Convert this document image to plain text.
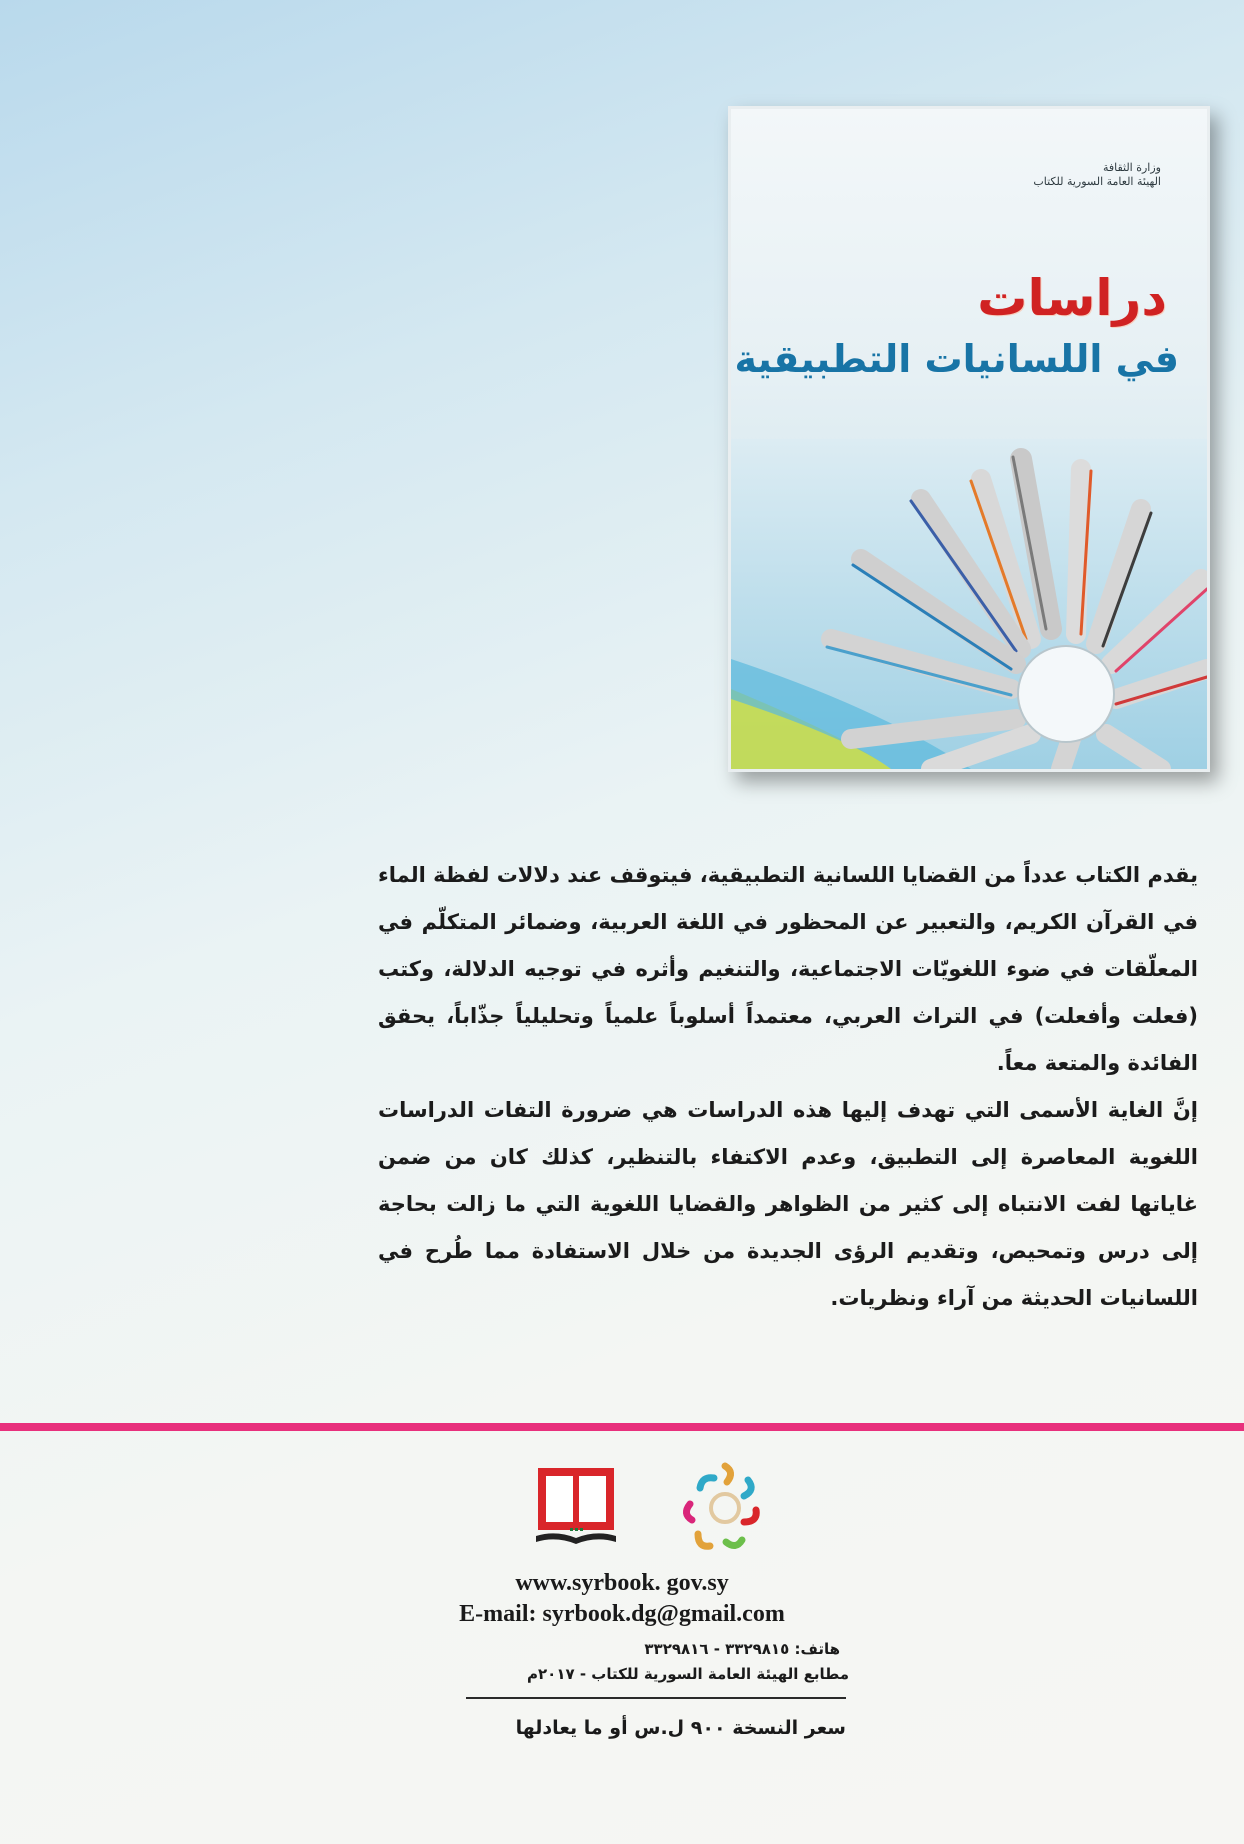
وزارة الثقافة
الهيئة العامة السورية للكتاب
دراسات
في اللسانيات التطبيقية

يقدم الكتاب عدداً من القضايا اللسانية التطبيقية، فيتوقف عند دلالات لفظة الماء في القرآن الكريم، والتعبير عن المحظور في اللغة العربية، وضمائر المتكلّم في المعلّقات في ضوء اللغويّات الاجتماعية، والتنغيم وأثره في توجيه الدلالة، وكتب (فعلت وأفعلت) في التراث العربي، معتمداً أسلوباً علمياً وتحليلياً جذّاباً، يحقق الفائدة والمتعة معاً.

إنَّ الغاية الأسمى التي تهدف إليها هذه الدراسات هي ضرورة التفات الدراسات اللغوية المعاصرة إلى التطبيق، وعدم الاكتفاء بالتنظير، كذلك كان من ضمن غاياتها لفت الانتباه إلى كثير من الظواهر والقضايا اللغوية التي ما زالت بحاجة إلى درس وتمحيص، وتقديم الرؤى الجديدة من خلال الاستفادة مما طُرح في اللسانيات الحديثة من آراء ونظريات.

www.syrbook. gov.sy
E-mail: syrbook.dg@gmail.com
هاتف: ٣٣٢٩٨١٥ - ٣٣٢٩٨١٦
مطابع الهيئة العامة السورية للكتاب - ٢٠١٧م
سعر النسخة ٩٠٠ ل.س أو ما يعادلها
